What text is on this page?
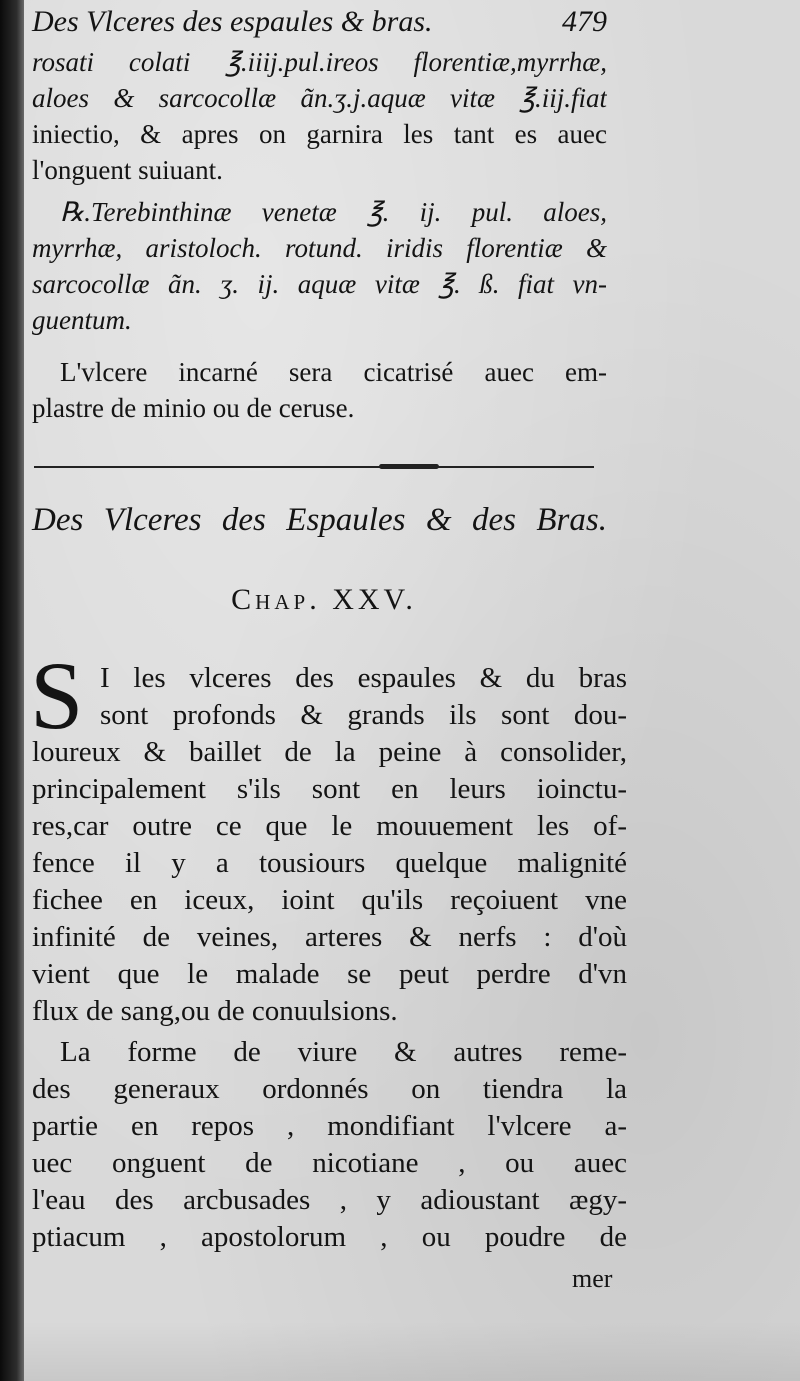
Des Vlceres des espaules & bras.	479
rosati colati ℥.iiij.pul.ireos florentiæ,myrrhæ,
aloes & sarcocollæ ãn.ʒ.j.aquæ vitæ ℥.iij.fiat
iniectio, & apres on garnira les tant es auec
l'onguent suiuant.
℞.Terebinthinæ venetæ ℥. ij. pul. aloes,
myrrhæ, aristoloch. rotund. iridis florentiæ &
sarcocollæ ãn. ʒ. ij. aquæ vitæ ℥. ß. fiat vn-
guentum.
L'vlcere incarné sera cicatrisé auec em-
plastre de minio ou de ceruse.
Des Vlceres des Espaules & des Bras.
Chap. XXV.
S I les vlceres des espaules & du bras
sont profonds & grands ils sont dou-
loureux & baillet de la peine à consolider,
principalement s'ils sont en leurs ioinctu-
res,car outre ce que le mouuement les of-
fence il y a tousiours quelque malignité
fichee en iceux, ioint qu'ils reçoiuent vne
infinité de veines, arteres & nerfs : d'où
vient que le malade se peut perdre d'vn
flux de sang,ou de conuulsions.
La forme de viure & autres reme-
des generaux ordonnés on tiendra la
partie en repos , mondifiant l'vlcere a-
uec onguent de nicotiane , ou auec
l'eau des arcbusades , y adioustant ægy-
ptiacum , apostolorum , ou poudre de
mer
